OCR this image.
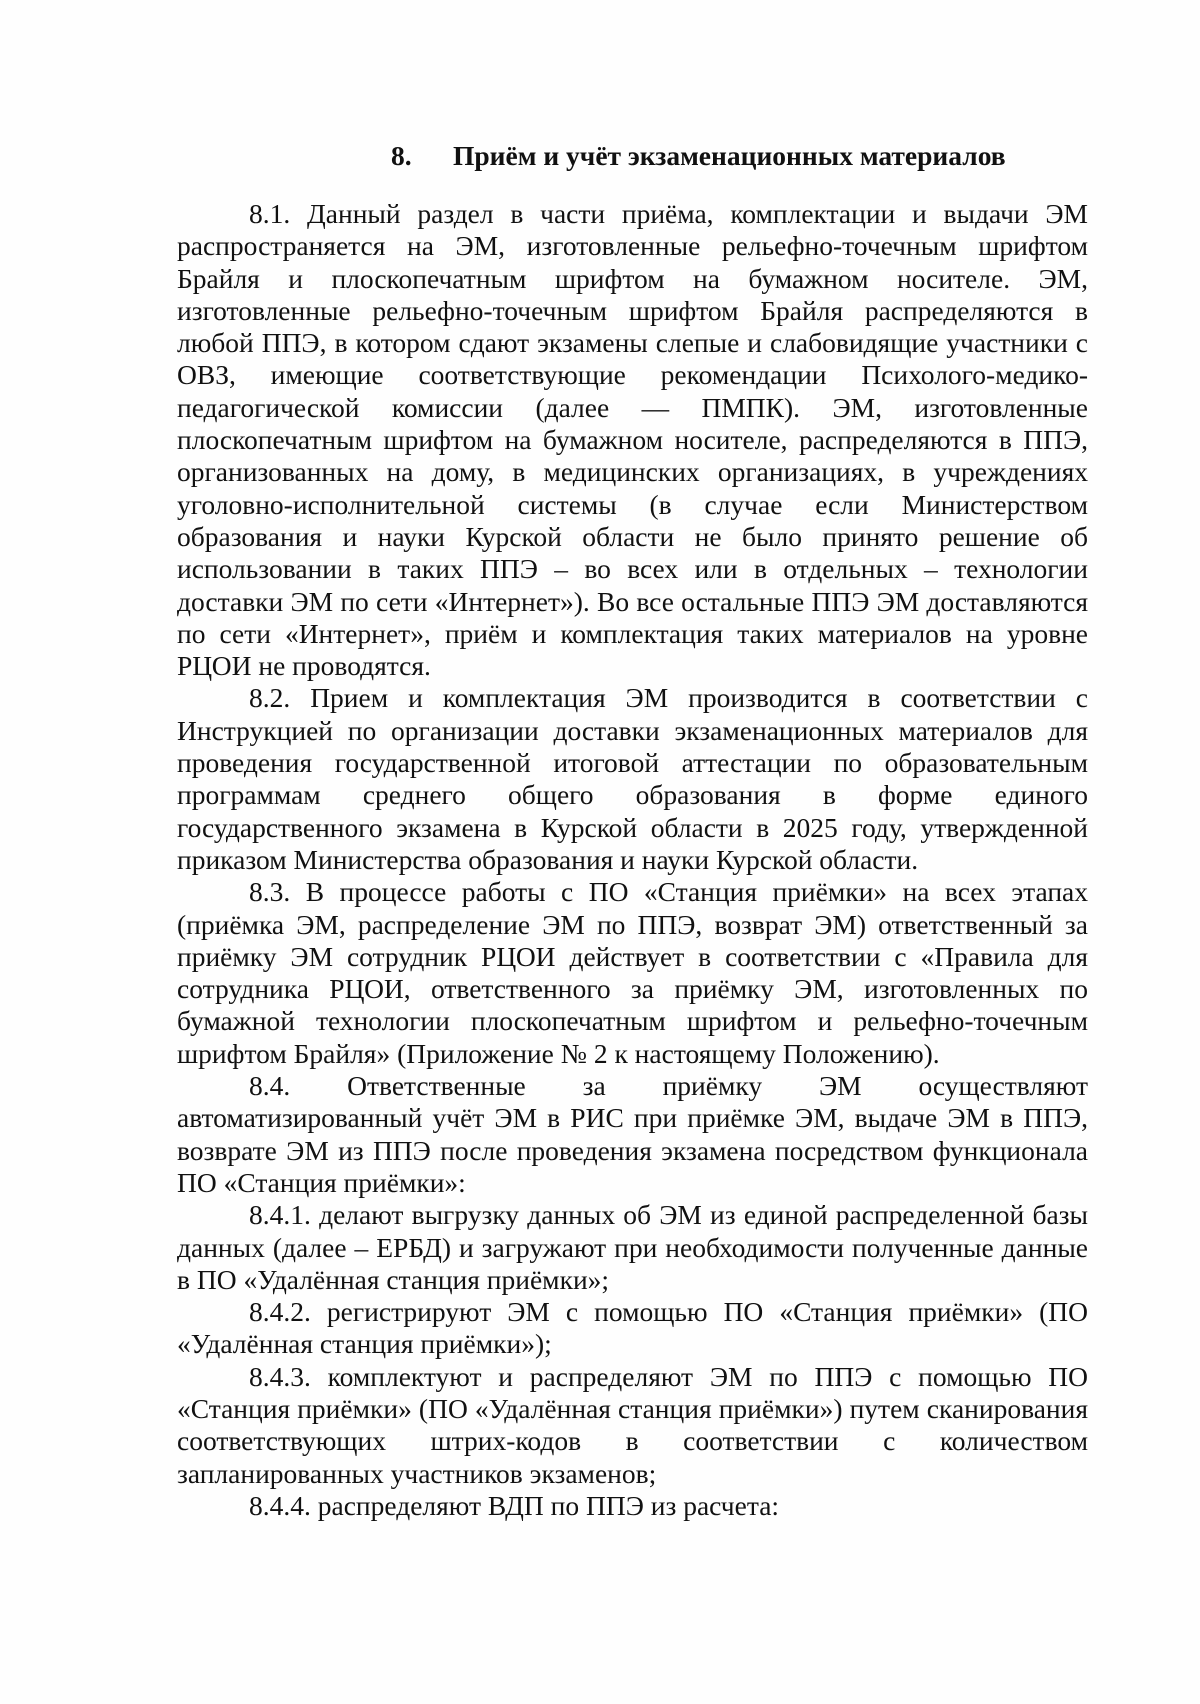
8. Приём и учёт экзаменационных материалов

8.1. Данный раздел в части приёма, комплектации и выдачи ЭМ распространяется на ЭМ, изготовленные рельефно-точечным шрифтом Брайля и плоскопечатным шрифтом на бумажном носителе. ЭМ, изготовленные рельефно-точечным шрифтом Брайля распределяются в любой ППЭ, в котором сдают экзамены слепые и слабовидящие участники с ОВЗ, имеющие соответствующие рекомендации Психолого-медико-педагогической комиссии (далее — ПМПК). ЭМ, изготовленные плоскопечатным шрифтом на бумажном носителе, распределяются в ППЭ, организованных на дому, в медицинских организациях, в учреждениях уголовно-исполнительной системы (в случае если Министерством образования и науки Курской области не было принято решение об использовании в таких ППЭ – во всех или в отдельных – технологии доставки ЭМ по сети «Интернет»). Во все остальные ППЭ ЭМ доставляются по сети «Интернет», приём и комплектация таких материалов на уровне РЦОИ не проводятся.

8.2. Прием и комплектация ЭМ производится в соответствии с Инструкцией по организации доставки экзаменационных материалов для проведения государственной итоговой аттестации по образовательным программам среднего общего образования в форме единого государственного экзамена в Курской области в 2025 году, утвержденной приказом Министерства образования и науки Курской области.

8.3. В процессе работы с ПО «Станция приёмки» на всех этапах (приёмка ЭМ, распределение ЭМ по ППЭ, возврат ЭМ) ответственный за приёмку ЭМ сотрудник РЦОИ действует в соответствии с «Правила для сотрудника РЦОИ, ответственного за приёмку ЭМ, изготовленных по бумажной технологии плоскопечатным шрифтом и рельефно-точечным шрифтом Брайля» (Приложение № 2 к настоящему Положению).

8.4. Ответственные за приёмку ЭМ осуществляют автоматизированный учёт ЭМ в РИС при приёмке ЭМ, выдаче ЭМ в ППЭ, возврате ЭМ из ППЭ после проведения экзамена посредством функционала ПО «Станция приёмки»:

8.4.1. делают выгрузку данных об ЭМ из единой распределенной базы данных (далее – ЕРБД) и загружают при необходимости полученные данные в ПО «Удалённая станция приёмки»;

8.4.2. регистрируют ЭМ с помощью ПО «Станция приёмки» (ПО «Удалённая станция приёмки»);

8.4.3. комплектуют и распределяют ЭМ по ППЭ с помощью ПО «Станция приёмки» (ПО «Удалённая станция приёмки») путем сканирования соответствующих штрих-кодов в соответствии с количеством запланированных участников экзаменов;

8.4.4. распределяют ВДП по ППЭ из расчета:
